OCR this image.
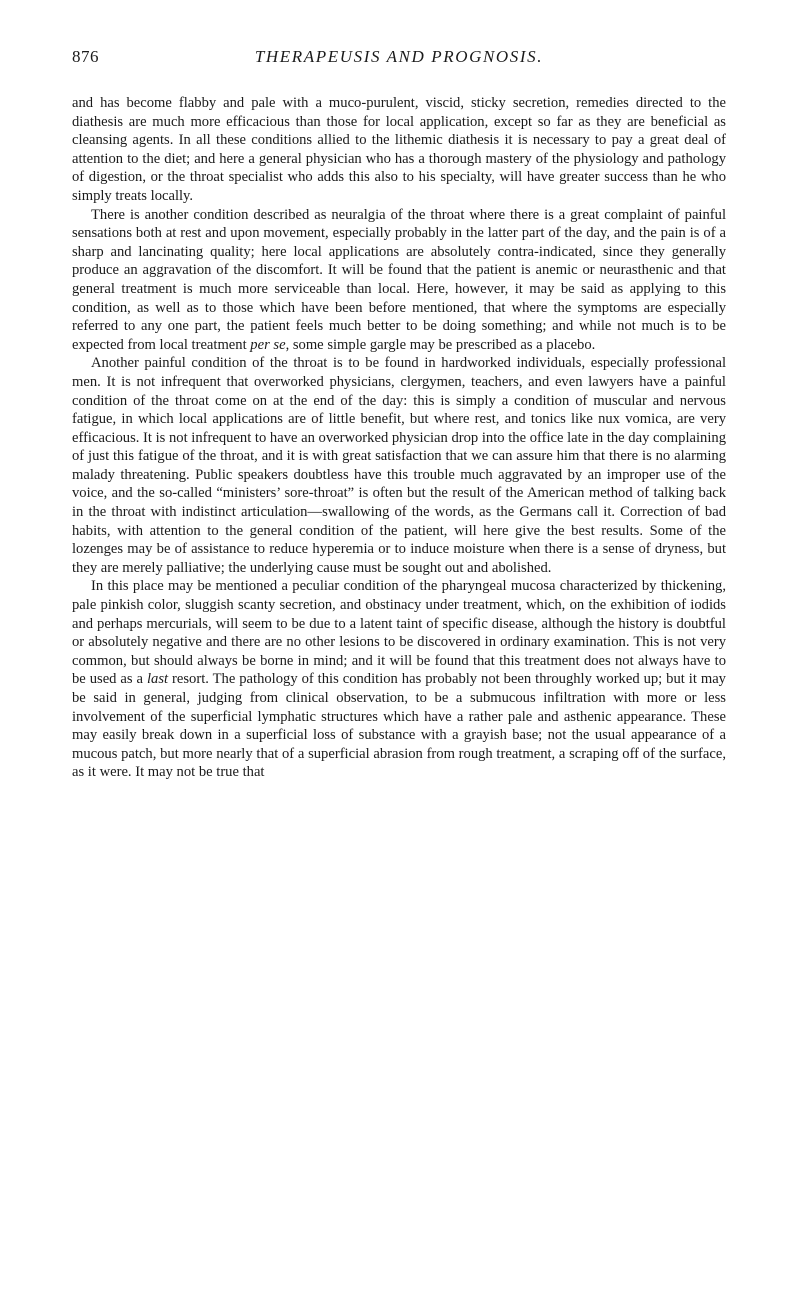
876	THERAPEUSIS AND PROGNOSIS.

and has become flabby and pale with a muco-purulent, viscid, sticky secretion, remedies directed to the diathesis are much more efficacious than those for local application, except so far as they are beneficial as cleansing agents. In all these conditions allied to the lithemic diathesis it is necessary to pay a great deal of attention to the diet; and here a general physician who has a thorough mastery of the physiology and pathology of digestion, or the throat specialist who adds this also to his specialty, will have greater success than he who simply treats locally.

There is another condition described as neuralgia of the throat where there is a great complaint of painful sensations both at rest and upon movement, especially probably in the latter part of the day, and the pain is of a sharp and lancinating quality; here local applications are absolutely contra-indicated, since they generally produce an aggravation of the discomfort. It will be found that the patient is anemic or neurasthenic and that general treatment is much more serviceable than local. Here, however, it may be said as applying to this condition, as well as to those which have been before mentioned, that where the symptoms are especially referred to any one part, the patient feels much better to be doing something; and while not much is to be expected from local treatment per se, some simple gargle may be prescribed as a placebo.

Another painful condition of the throat is to be found in hardworked individuals, especially professional men. It is not infrequent that overworked physicians, clergymen, teachers, and even lawyers have a painful condition of the throat come on at the end of the day: this is simply a condition of muscular and nervous fatigue, in which local applications are of little benefit, but where rest, and tonics like nux vomica, are very efficacious. It is not infrequent to have an overworked physician drop into the office late in the day complaining of just this fatigue of the throat, and it is with great satisfaction that we can assure him that there is no alarming malady threatening. Public speakers doubtless have this trouble much aggravated by an improper use of the voice, and the so-called “ministers’ sore-throat” is often but the result of the American method of talking back in the throat with indistinct articulation—swallowing of the words, as the Germans call it. Correction of bad habits, with attention to the general condition of the patient, will here give the best results. Some of the lozenges may be of assistance to reduce hyperemia or to induce moisture when there is a sense of dryness, but they are merely palliative; the underlying cause must be sought out and abolished.

In this place may be mentioned a peculiar condition of the pharyngeal mucosa characterized by thickening, pale pinkish color, sluggish scanty secretion, and obstinacy under treatment, which, on the exhibition of iodids and perhaps mercurials, will seem to be due to a latent taint of specific disease, although the history is doubtful or absolutely negative and there are no other lesions to be discovered in ordinary examination. This is not very common, but should always be borne in mind; and it will be found that this treatment does not always have to be used as a last resort. The pathology of this condition has probably not been throughly worked up; but it may be said in general, judging from clinical observation, to be a submucous infiltration with more or less involvement of the superficial lymphatic structures which have a rather pale and asthenic appearance. These may easily break down in a superficial loss of substance with a grayish base; not the usual appearance of a mucous patch, but more nearly that of a superficial abrasion from rough treatment, a scraping off of the surface, as it were. It may not be true that
